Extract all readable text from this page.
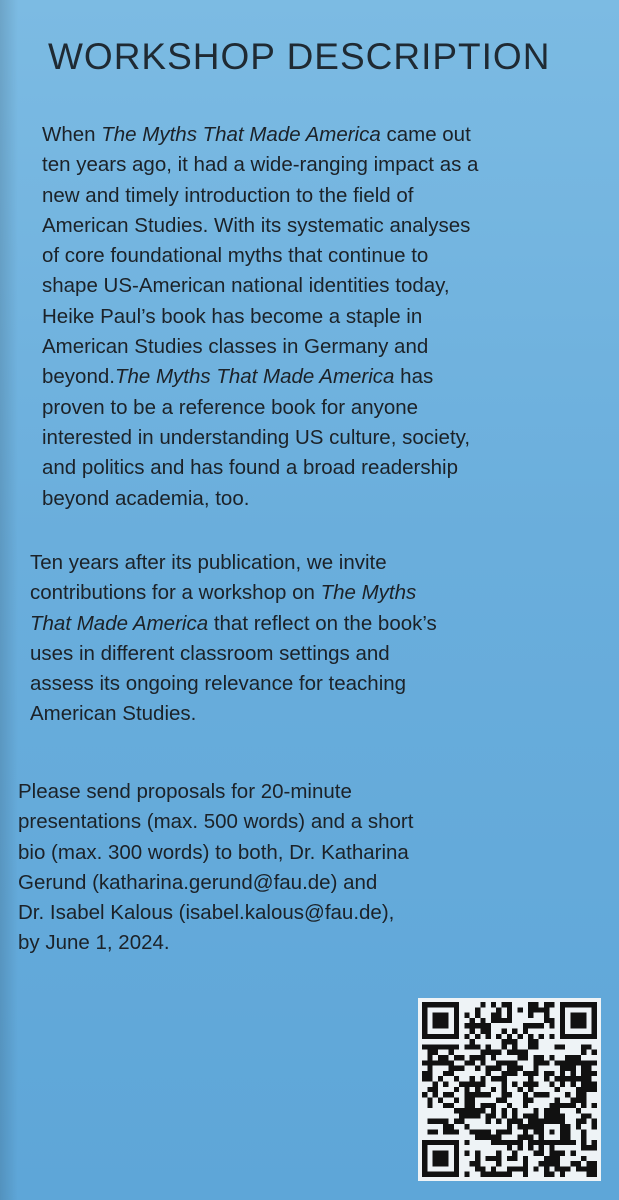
WORKSHOP DESCRIPTION
When The Myths That Made America came out
ten years ago, it had a wide-ranging impact as a
new and timely introduction to the field of
American Studies. With its systematic analyses
of core foundational myths that continue to
shape US-American national identities today,
Heike Paul’s book has become a staple in
American Studies classes in Germany and
beyond.The Myths That Made America has
proven to be a reference book for anyone
interested in understanding US culture, society,
and politics and has found a broad readership
beyond academia, too.
Ten years after its publication, we invite
contributions for a workshop on The Myths
That Made America that reflect on the book’s
uses in different classroom settings and
assess its ongoing relevance for teaching
American Studies.
Please send proposals for 20-minute
presentations (max. 500 words) and a short
bio (max. 300 words) to both, Dr. Katharina
Gerund (katharina.gerund@fau.de) and
Dr. Isabel Kalous (isabel.kalous@fau.de),
by June 1, 2024.
